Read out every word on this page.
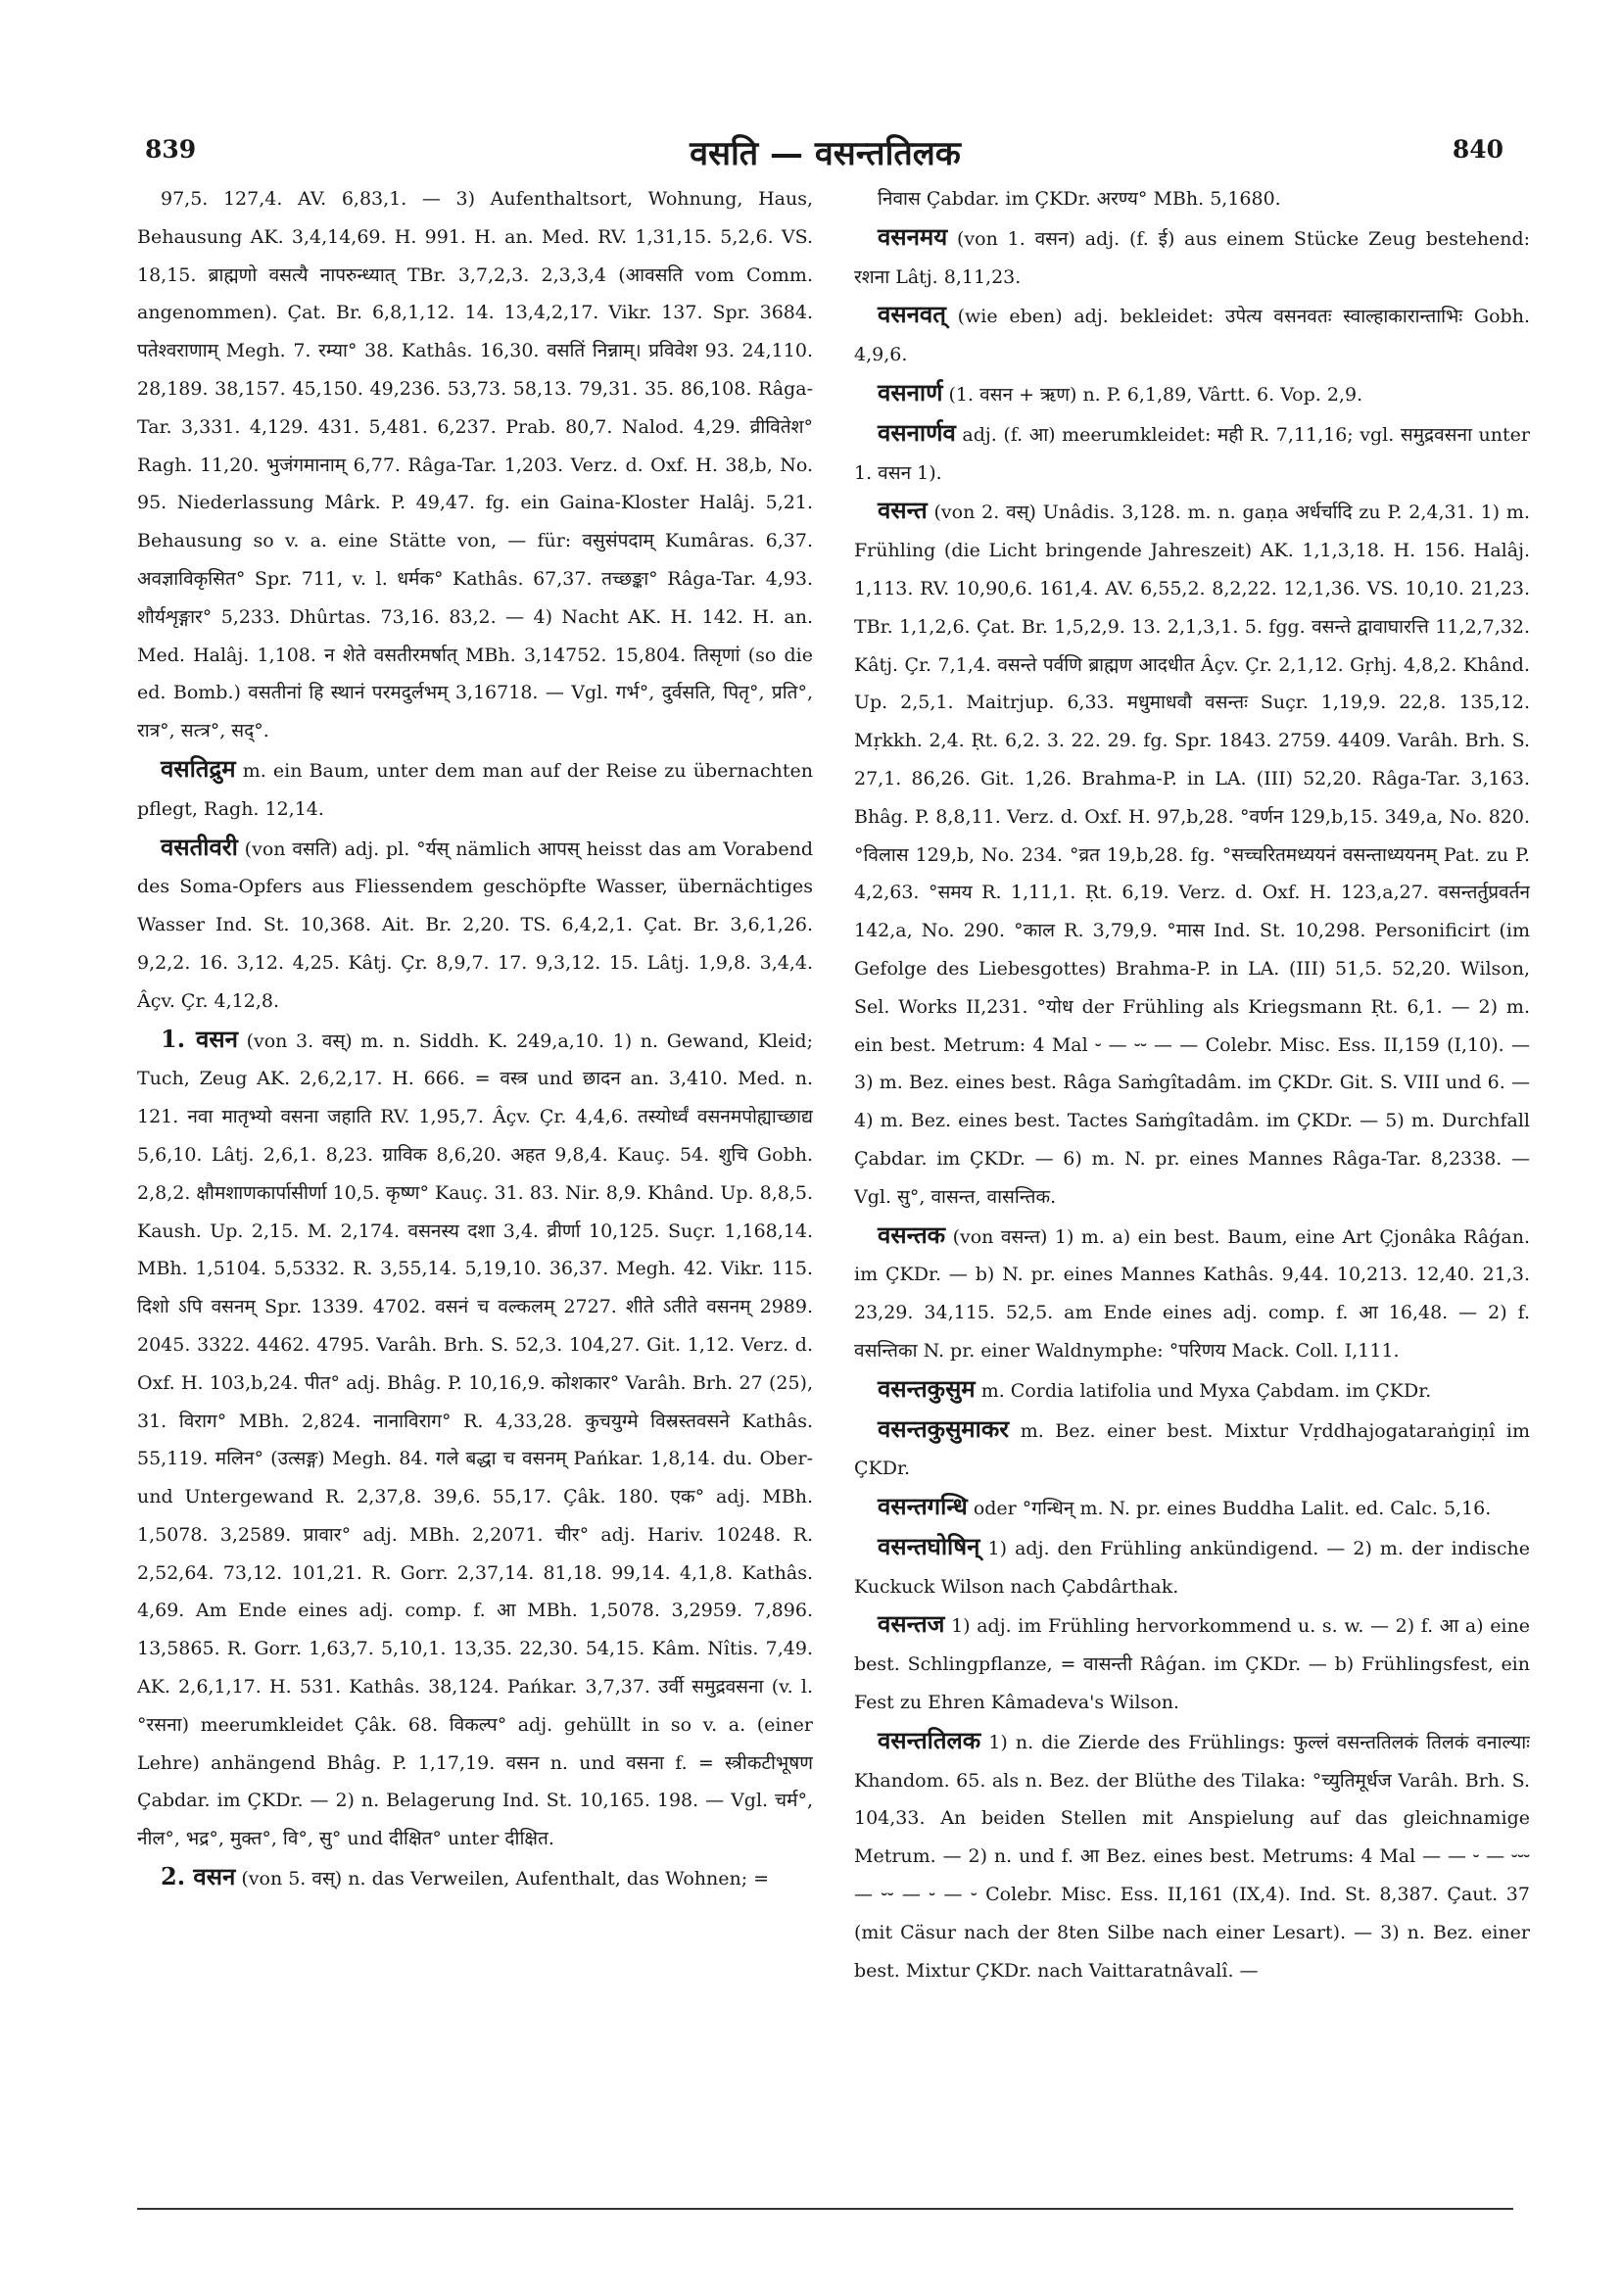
839	वसति — वसन्ततिलक	840

97,5. 127,4. AV. 6,83,1. — 3) Aufenthaltsort, Wohnung, Haus, Behausung AK. 3,4,14,69. H. 991. H. an. Med. RV. 1,31,15. 5,2,6. VS. 18,15. ब्राह्मणो वसत्यै नापरुन्ध्यात् TBr. 3,7,2,3. 2,3,3,4 (आवसति vom Comm. angenommen). Çat. Br. 6,8,1,12. 14. 13,4,2,17. Vikr. 137. Spr. 3684. पतेश्वराणाम् Megh. 7. रम्या° 38. Kathâs. 16,30. वसतिं निन्नाम्। प्रविवेश 93. 24,110. 28,189. 38,157. 45,150. 49,236. 53,73. 58,13. 79,31. 35. 86,108. Râga-Tar. 3,331. 4,129. 431. 5,481. 6,237. Prab. 80,7. Nalod. 4,29. व्रीवितेश° Ragh. 11,20. भुजंगमानाम् 6,77. Râga-Tar. 1,203. Verz. d. Oxf. H. 38,b, No. 95. Niederlassung Mârk. P. 49,47. fg. ein Gaina-Kloster Halâj. 5,21. Behausung so v. a. eine Stätte von, — für: वसुसंपदाम् Kumâras. 6,37. अवज्ञाविकृसित° Spr. 711, v. l. धर्मक° Kathâs. 67,37. तच्छङ्का° Râga-Tar. 4,93. शौर्यशृङ्गार° 5,233. Dhûrtas. 73,16. 83,2. — 4) Nacht AK. H. 142. H. an. Med. Halâj. 1,108. न शेते वसतीरमर्षात् MBh. 3,14752. 15,804. तिसृणां (so die ed. Bomb.) वसतीनां हि स्थानं परमदुर्लभम् 3,16718. — Vgl. गर्भ°, दुर्वसति, पितृ°, प्रति°, रात्र°, सत्त्र°, सद्°.

वसतिद्रुम m. ein Baum, unter dem man auf der Reise zu übernachten pflegt, Ragh. 12,14.

वसतीवरी (von वसति) adj. pl. °र्यस् nämlich आपस् heisst das am Vorabend des Soma-Opfers aus Fliessendem geschöpfte Wasser, übernächtiges Wasser Ind. St. 10,368. Ait. Br. 2,20. TS. 6,4,2,1. Çat. Br. 3,6,1,26. 9,2,2. 16. 3,12. 4,25. Kâtj. Çr. 8,9,7. 17. 9,3,12. 15. Lâtj. 1,9,8. 3,4,4. Âçv. Çr. 4,12,8.

1. वसन (von 3. वस्) m. n. Siddh. K. 249,a,10. 1) n. Gewand, Kleid; Tuch, Zeug AK. 2,6,2,17. H. 666. = वस्त्र und छादन an. 3,410. Med. n. 121. नवा मातृभ्यो वसना जहाति RV. 1,95,7. Âçv. Çr. 4,4,6. तस्योर्ध्वं वसनमपोह्याच्छाद्य 5,6,10. Lâtj. 2,6,1. 8,23. ग्राविक 8,6,20. अहत 9,8,4. Kauç. 54. शुचि Gobh. 2,8,2. क्षौमशाणकार्पासीर्णा 10,5. कृष्ण° Kauç. 31. 83. Nir. 8,9. Khând. Up. 8,8,5. Kaush. Up. 2,15. M. 2,174. वसनस्य दशा 3,4. व्रीर्णा 10,125. Suçr. 1,168,14. MBh. 1,5104. 5,5332. R. 3,55,14. 5,19,10. 36,37. Megh. 42. Vikr. 115. दिशो ऽपि वसनम् Spr. 1339. 4702. वसनं च वल्कलम् 2727. शीते ऽतीते वसनम् 2989. 2045. 3322. 4462. 4795. Varâh. Brh. S. 52,3. 104,27. Git. 1,12. Verz. d. Oxf. H. 103,b,24. पीत° adj. Bhâg. P. 10,16,9. कोशकार° Varâh. Brh. 27 (25), 31. विराग° MBh. 2,824. नानाविराग° R. 4,33,28. कुचयुग्मे विस्रस्तवसने Kathâs. 55,119. मलिन° (उत्सङ्ग) Megh. 84. गले बद्धा च वसनम् Pańkar. 1,8,14. du. Ober- und Untergewand R. 2,37,8. 39,6. 55,17. Çâk. 180. एक° adj. MBh. 1,5078. 3,2589. प्रावार° adj. MBh. 2,2071. चीर° adj. Hariv. 10248. R. 2,52,64. 73,12. 101,21. R. Gorr. 2,37,14. 81,18. 99,14. 4,1,8. Kathâs. 4,69. Am Ende eines adj. comp. f. आ MBh. 1,5078. 3,2959. 7,896. 13,5865. R. Gorr. 1,63,7. 5,10,1. 13,35. 22,30. 54,15. Kâm. Nîtis. 7,49. AK. 2,6,1,17. H. 531. Kathâs. 38,124. Pańkar. 3,7,37. उर्वी समुद्रवसना (v. l. °रसना) meerumkleidet Çâk. 68. विकल्प° adj. gehüllt in so v. a. (einer Lehre) anhängend Bhâg. P. 1,17,19. वसन n. und वसना f. = स्त्रीकटीभूषण Çabdar. im ÇKDr. — 2) n. Belagerung Ind. St. 10,165. 198. — Vgl. चर्म°, नील°, भद्र°, मुक्त°, वि°, सु° und दीक्षित° unter दीक्षित.

2. वसन (von 5. वस्) n. das Verweilen, Aufenthalt, das Wohnen; =

निवास Çabdar. im ÇKDr. अरण्य° MBh. 5,1680.

वसनमय (von 1. वसन) adj. (f. ई) aus einem Stücke Zeug bestehend: रशना Lâtj. 8,11,23.

वसनवत् (wie eben) adj. bekleidet: उपेत्य वसनवतः स्वाल्हाकारान्ताभिः Gobh. 4,9,6.

वसनार्ण (1. वसन + ऋण) n. P. 6,1,89, Vârtt. 6. Vop. 2,9.

वसनार्णव adj. (f. आ) meerumkleidet: मही R. 7,11,16; vgl. समुद्रवसना unter 1. वसन 1).

वसन्त (von 2. वस्) Unâdis. 3,128. m. n. gaṇa अर्धर्चादि zu P. 2,4,31. 1) m. Frühling (die Licht bringende Jahreszeit) AK. 1,1,3,18. H. 156. Halâj. 1,113. RV. 10,90,6. 161,4. AV. 6,55,2. 8,2,22. 12,1,36. VS. 10,10. 21,23. TBr. 1,1,2,6. Çat. Br. 1,5,2,9. 13. 2,1,3,1. 5. fgg. वसन्ते द्वावाघारत्ति 11,2,7,32. Kâtj. Çr. 7,1,4. वसन्ते पर्वणि ब्राह्मण आदधीत Âçv. Çr. 2,1,12. Gṛhj. 4,8,2. Khând. Up. 2,5,1. Maitrjup. 6,33. मधुमाधवौ वसन्तः Suçr. 1,19,9. 22,8. 135,12. Mṛkkh. 2,4. Ṛt. 6,2. 3. 22. 29. fg. Spr. 1843. 2759. 4409. Varâh. Brh. S. 27,1. 86,26. Git. 1,26. Brahma-P. in LA. (III) 52,20. Râga-Tar. 3,163. Bhâg. P. 8,8,11. Verz. d. Oxf. H. 97,b,28. °वर्णन 129,b,15. 349,a, No. 820. °विलास 129,b, No. 234. °व्रत 19,b,28. fg. °सच्चरितमध्ययनं वसन्ताध्ययनम् Pat. zu P. 4,2,63. °समय R. 1,11,1. Ṛt. 6,19. Verz. d. Oxf. H. 123,a,27. वसन्तर्तुप्रवर्तन 142,a, No. 290. °काल R. 3,79,9. °मास Ind. St. 10,298. Personificirt (im Gefolge des Liebesgottes) Brahma-P. in LA. (III) 51,5. 52,20. Wilson, Sel. Works II,231. °योध der Frühling als Kriegsmann Ṛt. 6,1. — 2) m. ein best. Metrum: 4 Mal ⏑ — ⏑⏑ — — Colebr. Misc. Ess. II,159 (I,10). — 3) m. Bez. eines best. Râga Saṁgîtadâm. im ÇKDr. Git. S. VIII und 6. — 4) m. Bez. eines best. Tactes Saṁgîtadâm. im ÇKDr. — 5) m. Durchfall Çabdar. im ÇKDr. — 6) m. N. pr. eines Mannes Râga-Tar. 8,2338. — Vgl. सु°, वासन्त, वासन्तिक.

वसन्तक (von वसन्त) 1) m. a) ein best. Baum, eine Art Çjonâka Râǵan. im ÇKDr. — b) N. pr. eines Mannes Kathâs. 9,44. 10,213. 12,40. 21,3. 23,29. 34,115. 52,5. am Ende eines adj. comp. f. आ 16,48. — 2) f. वसन्तिका N. pr. einer Waldnymphe: °परिणय Mack. Coll. I,111.

वसन्तकुसुम m. Cordia latifolia und Myxa Çabdam. im ÇKDr.

वसन्तकुसुमाकर m. Bez. einer best. Mixtur Vṛddhajogataraṅgiṇî im ÇKDr.

वसन्तगन्धि oder °गन्धिन् m. N. pr. eines Buddha Lalit. ed. Calc. 5,16.

वसन्तघोषिन् 1) adj. den Frühling ankündigend. — 2) m. der indische Kuckuck Wilson nach Çabdârthak.

वसन्तज 1) adj. im Frühling hervorkommend u. s. w. — 2) f. आ a) eine best. Schlingpflanze, = वासन्ती Râǵan. im ÇKDr. — b) Frühlingsfest, ein Fest zu Ehren Kâmadeva's Wilson.

वसन्ततिलक 1) n. die Zierde des Frühlings: फुल्लं वसन्ततिलकं तिलकं वनाल्याः Khandom. 65. als n. Bez. der Blüthe des Tilaka: °च्युतिमूर्धज Varâh. Brh. S. 104,33. An beiden Stellen mit Anspielung auf das gleichnamige Metrum. — 2) n. und f. आ Bez. eines best. Metrums: 4 Mal — — ⏑ — ⏑⏑⏑ — ⏑⏑ — ⏑ — ⏑ Colebr. Misc. Ess. II,161 (IX,4). Ind. St. 8,387. Çaut. 37 (mit Cäsur nach der 8ten Silbe nach einer Lesart). — 3) n. Bez. einer best. Mixtur ÇKDr. nach Vaittaratnâvalî. —
